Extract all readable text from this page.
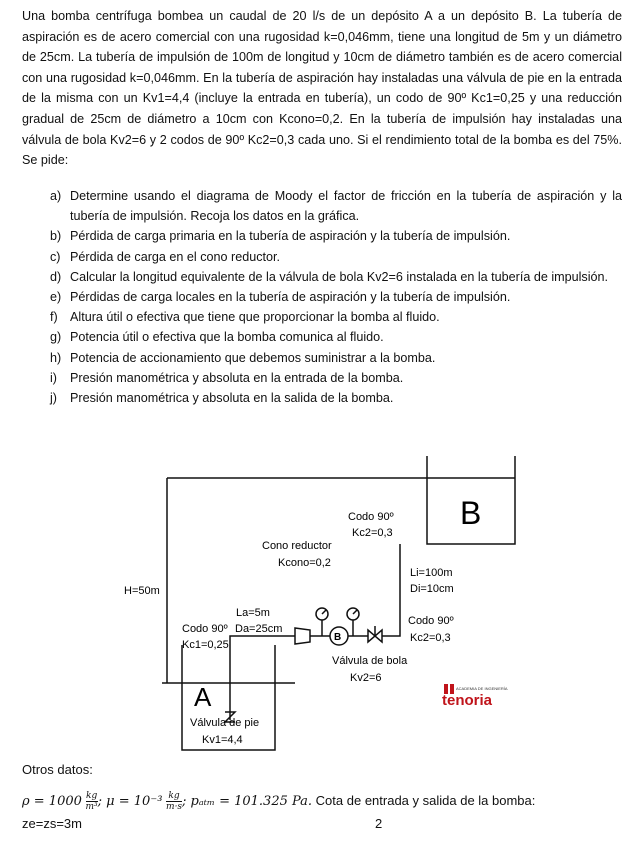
Una bomba centrífuga bombea un caudal de 20 l/s de un depósito A a un depósito B. La tubería de aspiración es de acero comercial con una rugosidad k=0,046mm, tiene una longitud de 5m y un diámetro de 25cm. La tubería de impulsión de 100m de longitud y 10cm de diámetro también es de acero comercial con una rugosidad k=0,046mm. En la tubería de aspiración hay instaladas una válvula de pie en la entrada de la misma con un Kv1=4,4 (incluye la entrada en tubería), un codo de 90º Kc1=0,25 y una reducción gradual de 25cm de diámetro a 10cm con Kcono=0,2. En la tubería de impulsión hay instaladas una válvula de bola Kv2=6 y 2 codos de 90º Kc2=0,3 cada uno. Si el rendimiento total de la bomba es del 75%. Se pide:
a) Determine usando el diagrama de Moody el factor de fricción en la tubería de aspiración y la tubería de impulsión. Recoja los datos en la gráfica.
b) Pérdida de carga primaria en la tubería de aspiración y la tubería de impulsión.
c) Pérdida de carga en el cono reductor.
d) Calcular la longitud equivalente de la válvula de bola Kv2=6 instalada en la tubería de impulsión.
e) Pérdidas de carga locales en la tubería de aspiración y la tubería de impulsión.
f) Altura útil o efectiva que tiene que proporcionar la bomba al fluido.
g) Potencia útil o efectiva que la bomba comunica al fluido.
h) Potencia de accionamiento que debemos suministrar a la bomba.
i)	Presión manométrica y absoluta en la entrada de la bomba.
j)	Presión manométrica y absoluta en la salida de la bomba.
A
B
H=50m
Codo 90º
Kc2=0,3
Cono reductor
Kcono=0,2
Li=100m
Di=10cm
La=5m
Codo 90º Da=25cm
Kc1=0,25
Codo 90º
Kc2=0,3
B
Válvula de bola
Kv2=6
Válvula de pie
Kv1=4,4
ACADEMIA DE INGENIERÍA
tenoria
Otros datos:
$\rho = 1000 \frac{kg}{\text{m³}}$ ; $\mu = 10^{-3} \frac{kg}{m\cdot s}$ ; pₐₜₘ = 101.325 Pa. Cota de entrada y salida de la bomba:
ze=zs=3m	2
